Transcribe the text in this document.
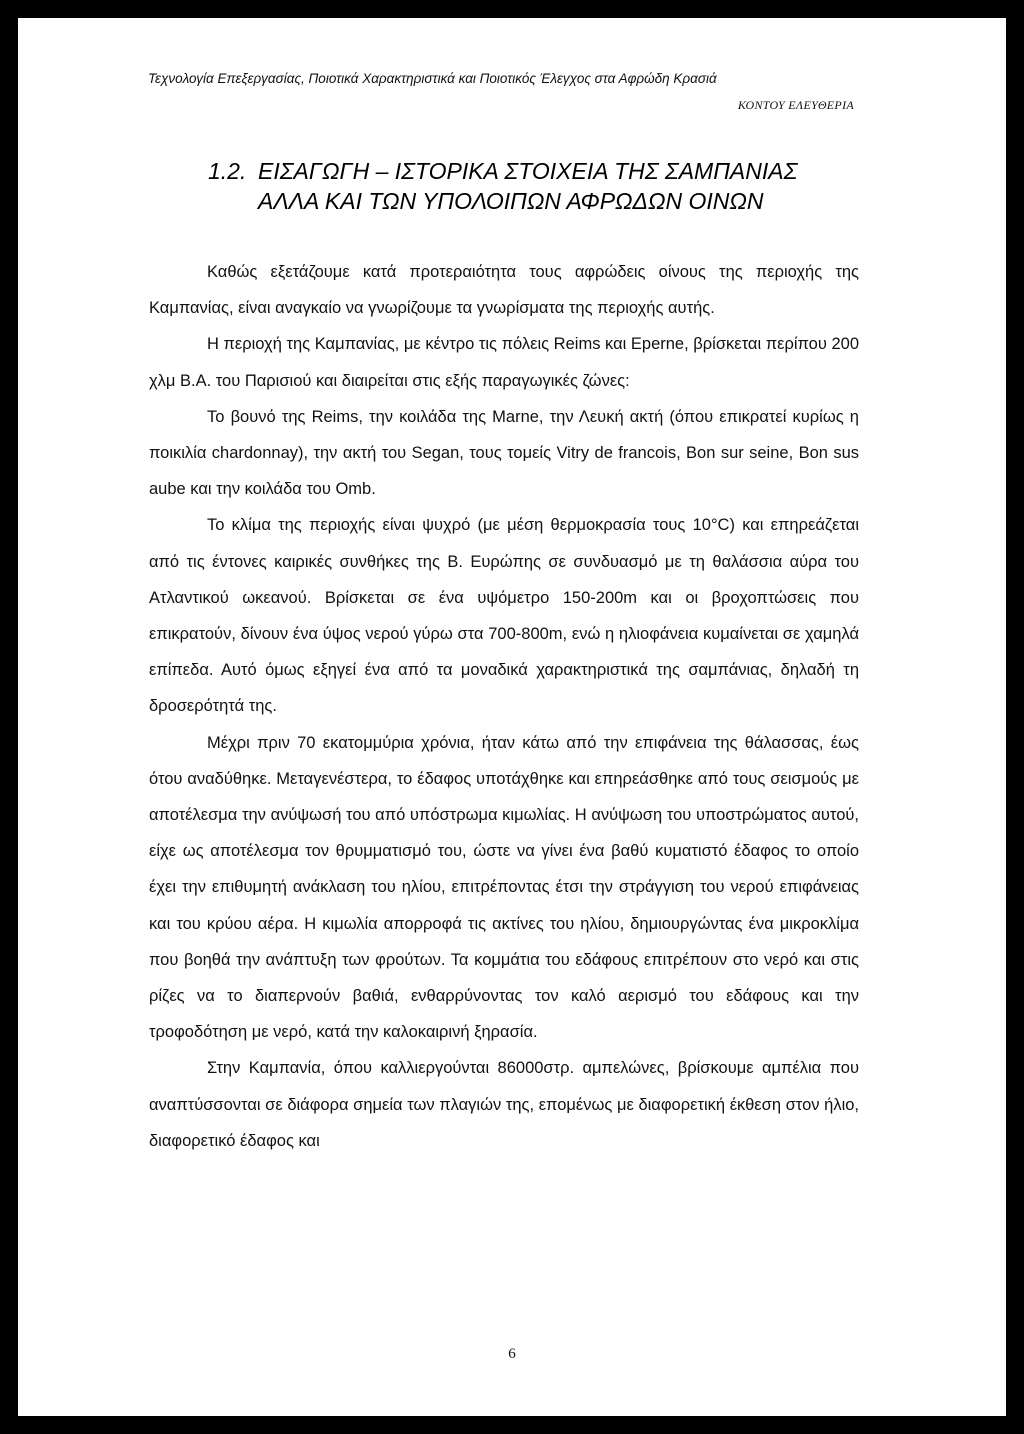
Τεχνολογία Επεξεργασίας, Ποιοτικά Χαρακτηριστικά και Ποιοτικός Έλεγχος στα Αφρώδη Κρασιά
ΚΟΝΤΟΥ ΕΛΕΥΘΕΡΙΑ
1.2. ΕΙΣΑΓΩΓΗ – ΙΣΤΟΡΙΚΑ ΣΤΟΙΧΕΙΑ ΤΗΣ ΣΑΜΠΑΝΙΑΣ
ΑΛΛΑ ΚΑΙ ΤΩΝ ΥΠΟΛΟΙΠΩΝ ΑΦΡΩΔΩΝ ΟΙΝΩΝ

Καθώς εξετάζουμε κατά προτεραιότητα τους αφρώδεις οίνους της περιοχής της Καμπανίας, είναι αναγκαίο να γνωρίζουμε τα γνωρίσματα της περιοχής αυτής.

Η περιοχή της Καμπανίας, με κέντρο τις πόλεις Reims και Eperne, βρίσκεται περίπου 200 χλμ Β.Α. του Παρισιού και διαιρείται στις εξής παραγωγικές ζώνες:

Το βουνό της Reims, την κοιλάδα της Marne, την Λευκή ακτή (όπου επικρατεί κυρίως η ποικιλία chardonnay), την ακτή του Segan, τους τομείς Vitry de francois, Bon sur seine, Bon sus aube και την κοιλάδα του Omb.

Το κλίμα της περιοχής είναι ψυχρό (με μέση θερμοκρασία τους 10°C) και επηρεάζεται από τις έντονες καιρικές συνθήκες της Β. Ευρώπης σε συνδυασμό με τη θαλάσσια αύρα του Ατλαντικού ωκεανού. Βρίσκεται σε ένα υψόμετρο 150-200m και οι βροχοπτώσεις που επικρατούν, δίνουν ένα ύψος νερού γύρω στα 700-800m, ενώ η ηλιοφάνεια κυμαίνεται σε χαμηλά επίπεδα. Αυτό όμως εξηγεί ένα από τα μοναδικά χαρακτηριστικά της σαμπάνιας, δηλαδή τη δροσερότητά της.

Μέχρι πριν 70 εκατομμύρια χρόνια, ήταν κάτω από την επιφάνεια της θάλασσας, έως ότου αναδύθηκε. Μεταγενέστερα, το έδαφος υποτάχθηκε και επηρεάσθηκε από τους σεισμούς με αποτέλεσμα την ανύψωσή του από υπόστρωμα κιμωλίας. Η ανύψωση του υποστρώματος αυτού, είχε ως αποτέλεσμα τον θρυμματισμό του, ώστε να γίνει ένα βαθύ κυματιστό έδαφος το οποίο έχει την επιθυμητή ανάκλαση του ηλίου, επιτρέποντας έτσι την στράγγιση του νερού επιφάνειας και του κρύου αέρα. Η κιμωλία απορροφά τις ακτίνες του ηλίου, δημιουργώντας ένα μικροκλίμα που βοηθά την ανάπτυξη των φρούτων. Τα κομμάτια του εδάφους επιτρέπουν στο νερό και στις ρίζες να το διαπερνούν βαθιά, ενθαρρύνοντας τον καλό αερισμό του εδάφους και την τροφοδότηση με νερό, κατά την καλοκαιρινή ξηρασία.

Στην Καμπανία, όπου καλλιεργούνται 86000στρ. αμπελώνες, βρίσκουμε αμπέλια που αναπτύσσονται σε διάφορα σημεία των πλαγιών της, επομένως με διαφορετική έκθεση στον ήλιο, διαφορετικό έδαφος και

6
